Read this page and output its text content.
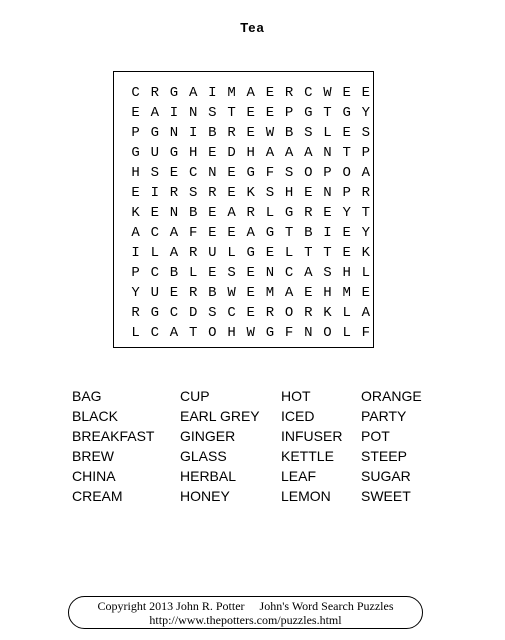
Tea
C R G A I M A E R C W E E
E A I N S T E E P G T G Y
P G N I B R E W B S L E S
G U G H E D H A A A N T P
H S E C N E G F S O P O A
E I R S R E K S H E N P R
K E N B E A R L G R E Y T
A C A F E E A G T B I E Y
I L A R U L G E L T T E K
P C B L E S E N C A S H L
Y U E R B W E M A E H M E
R G C D S C E R O R K L A
L C A T O H W G F N O L F
BAG
BLACK
BREAKFAST
BREW
CHINA
CREAM
CUP
EARL GREY
GINGER
GLASS
HERBAL
HONEY
HOT
ICED
INFUSER
KETTLE
LEAF
LEMON
ORANGE
PARTY
POT
STEEP
SUGAR
SWEET
Copyright 2013 John R. Potter John's Word Search Puzzles
http://www.thepotters.com/puzzles.html
